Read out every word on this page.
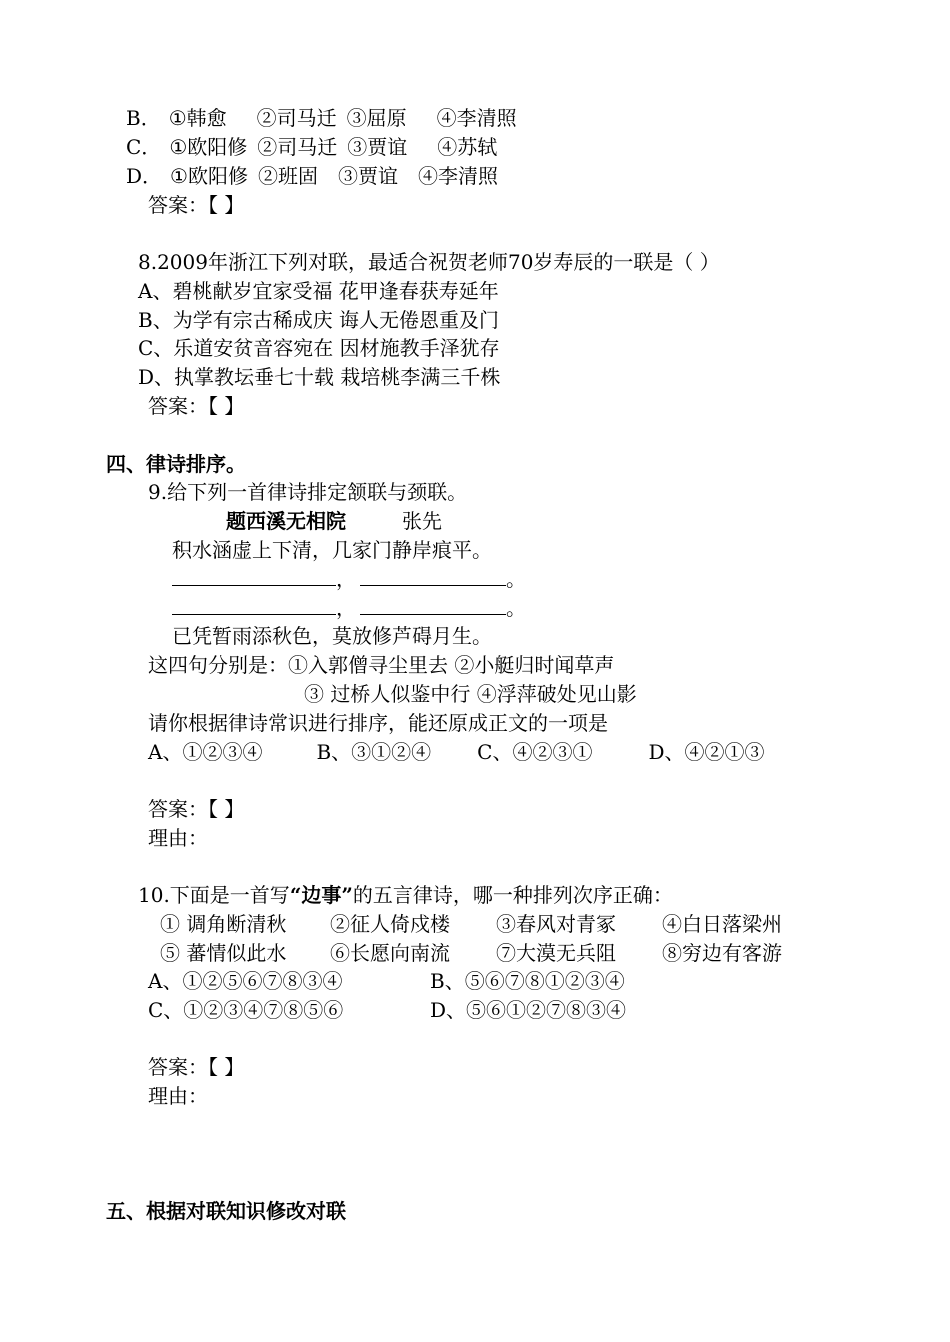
B． ①韩愈 ②司马迁 ③屈原 ④李清照
C． ①欧阳修 ②司马迁 ③贾谊 ④苏轼
D． ①欧阳修 ②班固 ③贾谊 ④李清照
答案：【 】
8.2009年浙江下列对联，最适合祝贺老师70岁寿辰的一联是（ ）
A、碧桃献岁宜家受福 花甲逢春获寿延年
B、为学有宗古稀成庆 诲人无倦恩重及门
C、乐道安贫音容宛在 因材施教手泽犹存
D、执掌教坛垂七十载 栽培桃李满三千株
答案：【 】
四、律诗排序。
9.给下列一首律诗排定颔联与颈联。
题西溪无相院	张先
积水涵虚上下清，几家门静岸痕平。
，	。
，	。
已凭暂雨添秋色，莫放修芦碍月生。
这四句分别是：①入郭僧寻尘里去 ②小艇归时闻草声
③ 过桥人似鉴中行 ④浮萍破处见山影
请你根据律诗常识进行排序，能还原成正文的一项是
A、①②③④	B、③①②④ C、④②③①	D、④②①③
答案：【 】
理由：
10.下面是一首写“边事”的五言律诗，哪一种排列次序正确：
① 调角断清秋 ②征人倚戍楼 ③春风对青冢 ④白日落梁州
⑤ 蕃情似此水 ⑥长愿向南流 ⑦大漠无兵阻 ⑧穷边有客游
A、①②⑤⑥⑦⑧③④	B、⑤⑥⑦⑧①②③④
C、①②③④⑦⑧⑤⑥	D、⑤⑥①②⑦⑧③④
答案：【 】
理由：
五、根据对联知识修改对联
